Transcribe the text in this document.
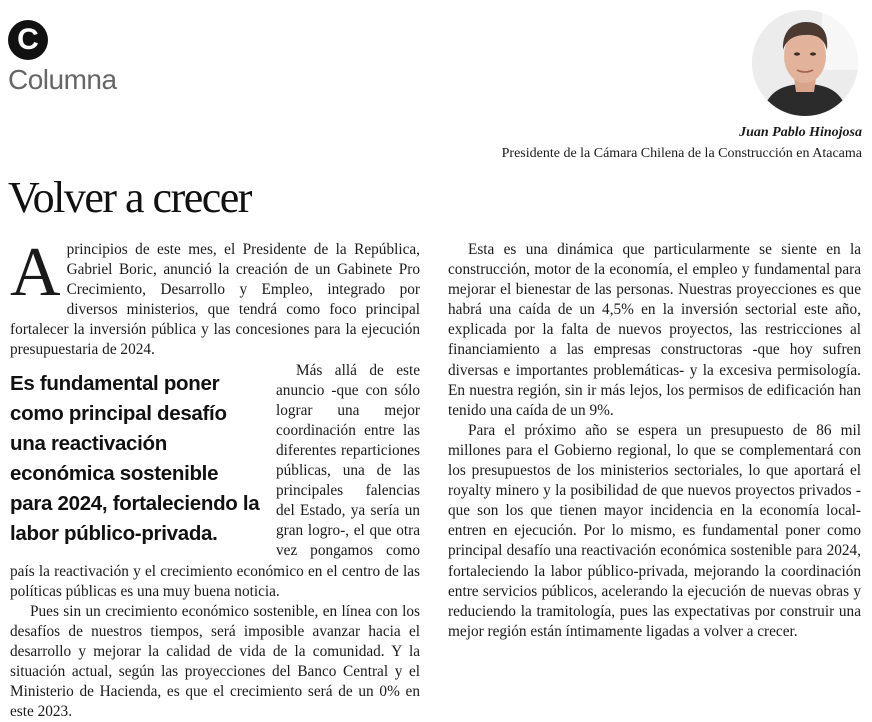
C
Columna
Juan Pablo Hinojosa
Presidente de la Cámara Chilena de la Construcción en Atacama
Volver a crecer

Aprincipios de este mes, el Presidente de la República, Gabriel Boric, anunció la creación de un Gabinete Pro Crecimiento, Desarrollo y Empleo, integrado por diversos ministerios, que tendrá como foco principal fortalecer la inversión pública y las concesiones para la ejecución presupuestaria de 2024.

Es fundamental poner como principal desafío una reactivación económica sostenible para 2024, fortaleciendo la labor público-privada.

Más allá de este anuncio -que con sólo lograr una mejor coordinación entre las diferentes reparticiones públicas, una de las principales falencias del Estado, ya sería un gran logro-, el que otra vez pongamos como país la reactivación y el crecimiento económico en el centro de las políticas públicas es una muy buena noticia.

Pues sin un crecimiento económico sostenible, en línea con los desafíos de nuestros tiempos, será imposible avanzar hacia el desarrollo y mejorar la calidad de vida de la comunidad. Y la situación actual, según las proyecciones del Banco Central y el Ministerio de Hacienda, es que el crecimiento será de un 0% en este 2023.

Esta es una dinámica que particularmente se siente en la construcción, motor de la economía, el empleo y fundamental para mejorar el bienestar de las personas. Nuestras proyecciones es que habrá una caída de un 4,5% en la inversión sectorial este año, explicada por la falta de nuevos proyectos, las restricciones al financiamiento a las empresas constructoras -que hoy sufren diversas e importantes problemáticas- y la excesiva permisología. En nuestra región, sin ir más lejos, los permisos de edificación han tenido una caída de un 9%.

Para el próximo año se espera un presupuesto de 86 mil millones para el Gobierno regional, lo que se complementará con los presupuestos de los ministerios sectoriales, lo que aportará el royalty minero y la posibilidad de que nuevos proyectos privados -que son los que tienen mayor incidencia en la economía local- entren en ejecución. Por lo mismo, es fundamental poner como principal desafío una reactivación económica sostenible para 2024, fortaleciendo la labor público-privada, mejorando la coordinación entre servicios públicos, acelerando la ejecución de nuevas obras y reduciendo la tramitología, pues las expectativas por construir una mejor región están íntimamente ligadas a volver a crecer.
